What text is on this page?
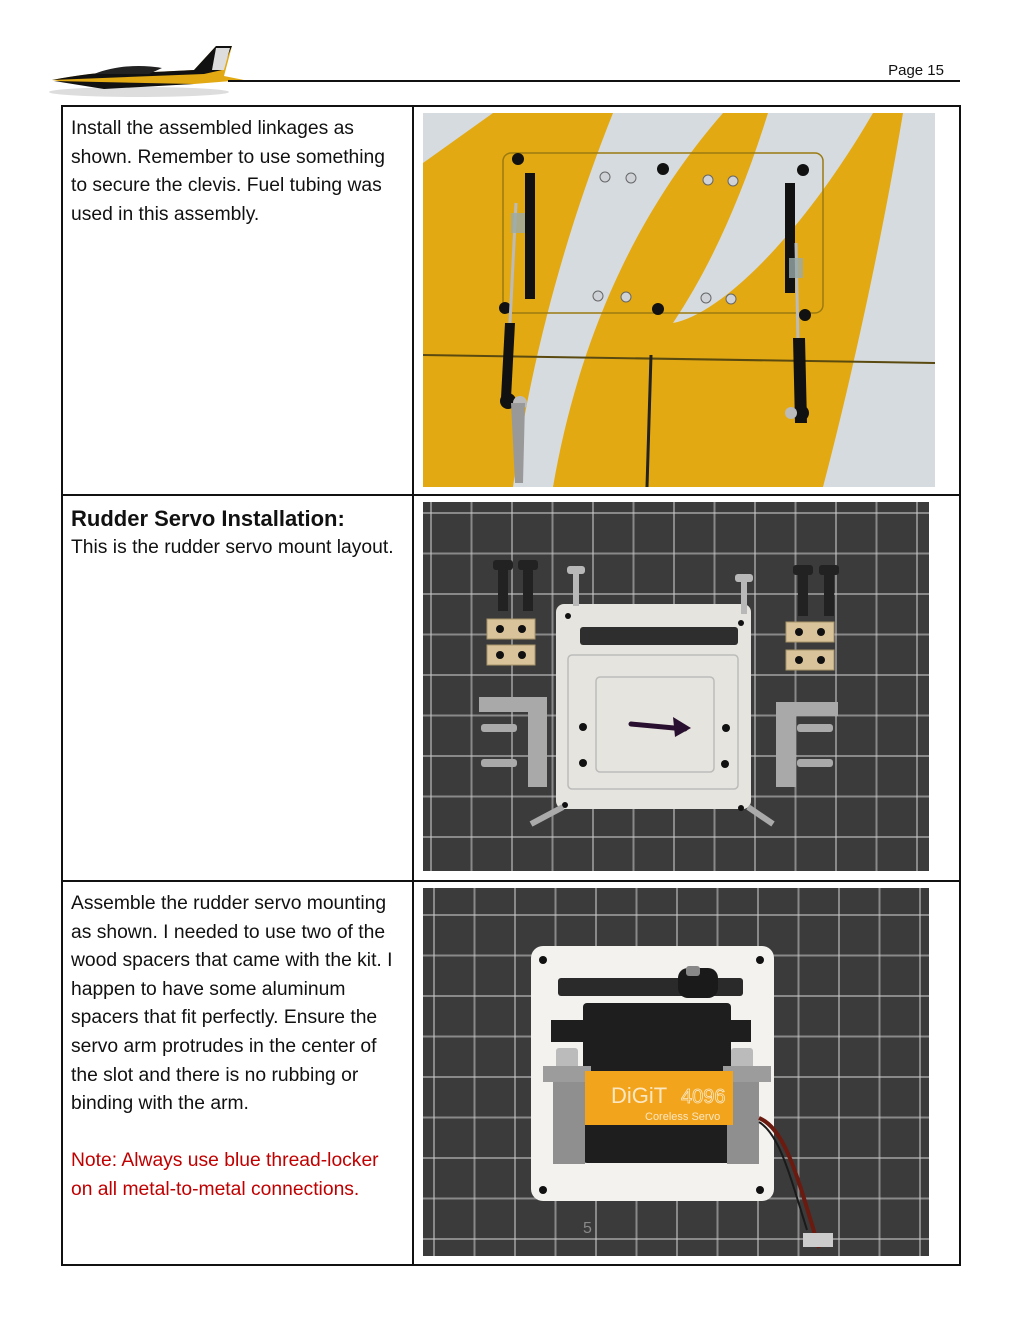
Page 15

Install the assembled linkages as shown. Remember to use something to secure the clevis. Fuel tubing was used in this assembly.

Rudder Servo Installation:

This is the rudder servo mount layout.

Assemble the rudder servo mounting as shown. I needed to use two of the wood spacers that came with the kit. I happen to have some aluminum spacers that fit perfectly. Ensure the servo arm protrudes in the center of the slot and there is no rubbing or binding with the arm.

Note: Always use blue thread-locker on all metal-to-metal connections.

DiGiT 4096
Coreless Servo
5
